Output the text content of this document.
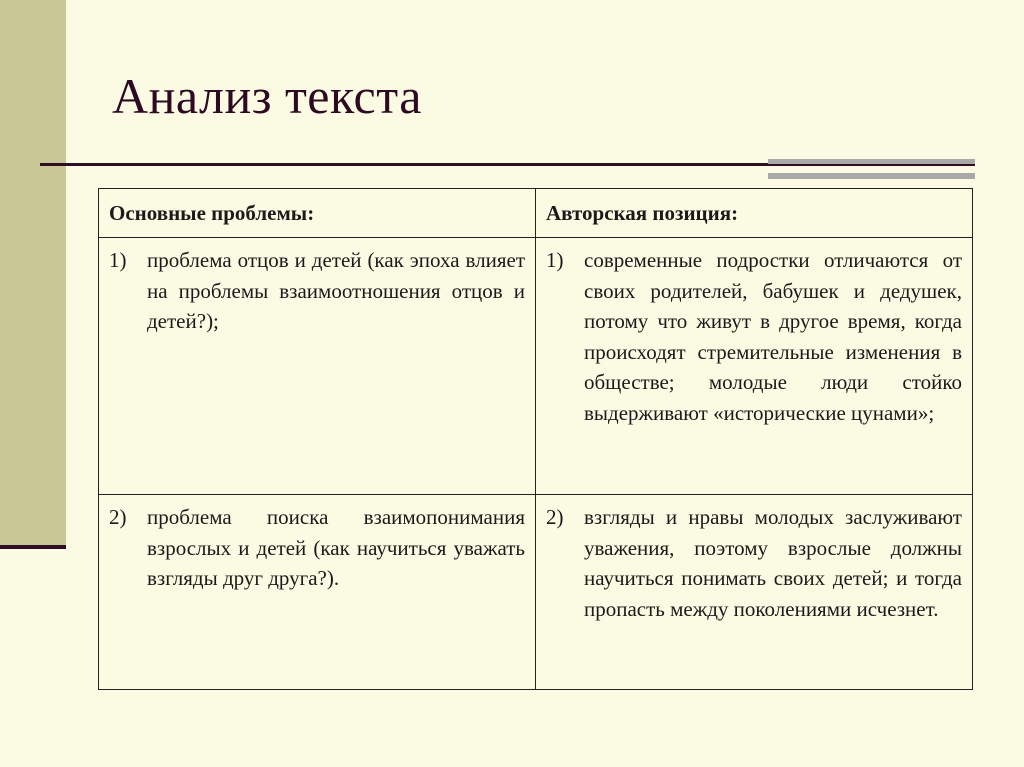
Анализ текста
Основные проблемы:	Авторская позиция:

1) проблема отцов и детей (как эпоха влияет на проблемы взаимоотношения отцов и детей?);	1) современные подростки отличаются от своих родителей, бабушек и дедушек, потому что живут в другое время, когда происходят стремительные изменения в обществе; молодые люди стойко выдерживают «исторические цунами»;

2) проблема поиска взаимопонимания взрослых и детей (как научиться уважать взгляды друг друга?).	2) взгляды и нравы молодых заслуживают уважения, поэтому взрослые должны научиться понимать своих детей; и тогда пропасть между поколениями исчезнет.
